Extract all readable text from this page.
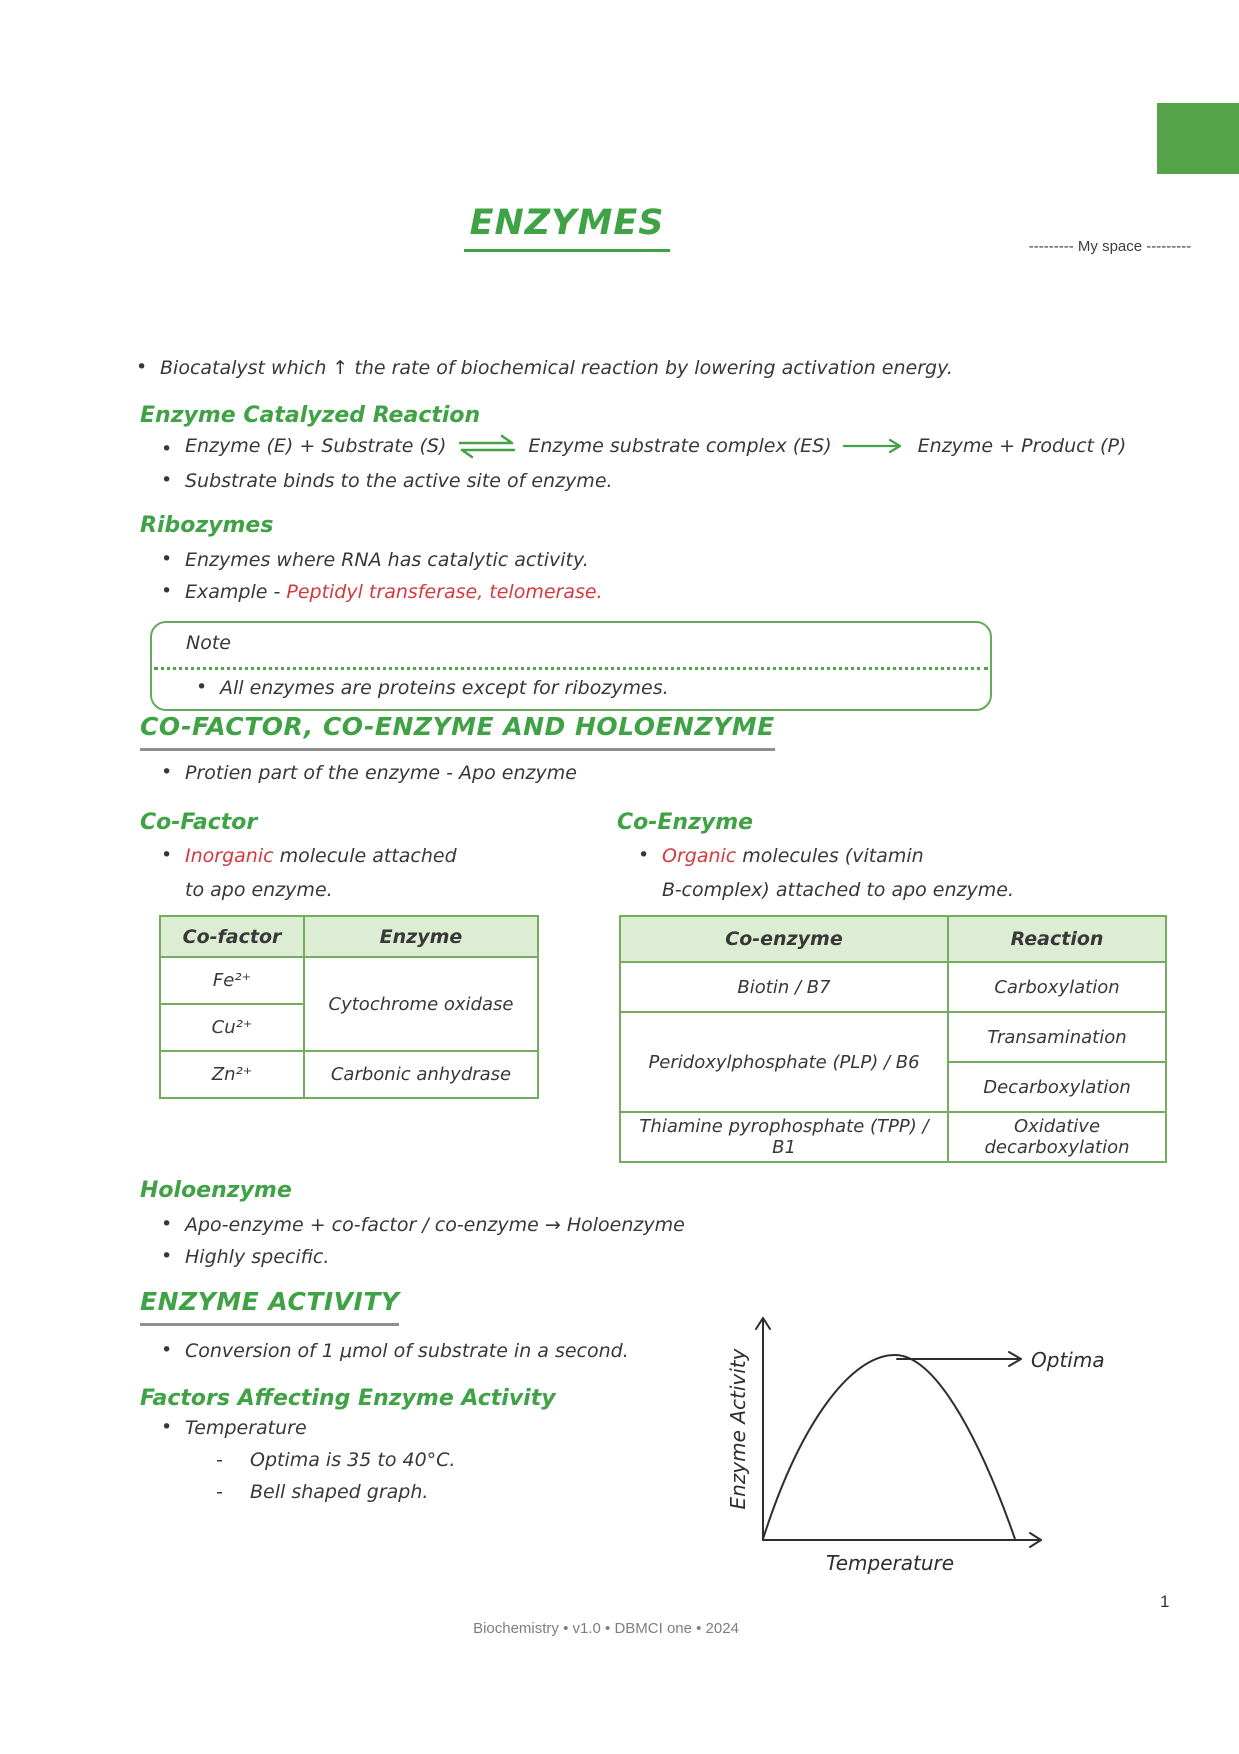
ENZYMES
--------- My space ---------
• Biocatalyst which ↑ the rate of biochemical reaction by lowering activation energy.
Enzyme Catalyzed Reaction
Enzyme (E) + Substrate (S) ⇌ Enzyme substrate complex (ES)	Enzyme + Product (P)
• Substrate binds to the active site of enzyme.
Ribozymes
• Enzymes where RNA has catalytic activity.
• Example - Peptidyl transferase, telomerase.
Note
• All enzymes are proteins except for ribozymes.
CO-FACTOR, CO-ENZYME AND HOLOENZYME
• Protien part of the enzyme - Apo enzyme
Co-Factor
• Inorganic molecule attached
to apo enzyme.
Co-Enzyme
• Organic molecules (vitamin
B-complex) attached to apo enzyme.
Co-factor	Enzyme
Fe²⁺	Cytochrome oxidase
Cu²⁺	
Zn²⁺	Carbonic anhydrase
Co-enzyme	Reaction
Biotin / B7	Carboxylation
Peridoxylphosphate (PLP) / B6	Transamination
	Decarboxylation
Thiamine pyrophosphate (TPP) / B1	Oxidative decarboxylation
Holoenzyme
• Apo-enzyme + co-factor / co-enzyme → Holoenzyme
• Highly specific.
ENZYME ACTIVITY
• Conversion of 1 μmol of substrate in a second.
Factors Affecting Enzyme Activity
• Temperature
- Optima is 35 to 40°C.
- Bell shaped graph.
Optima
Temperature
Enzyme Activity
Biochemistry • v1.0 • DBMCI one • 2024
1
